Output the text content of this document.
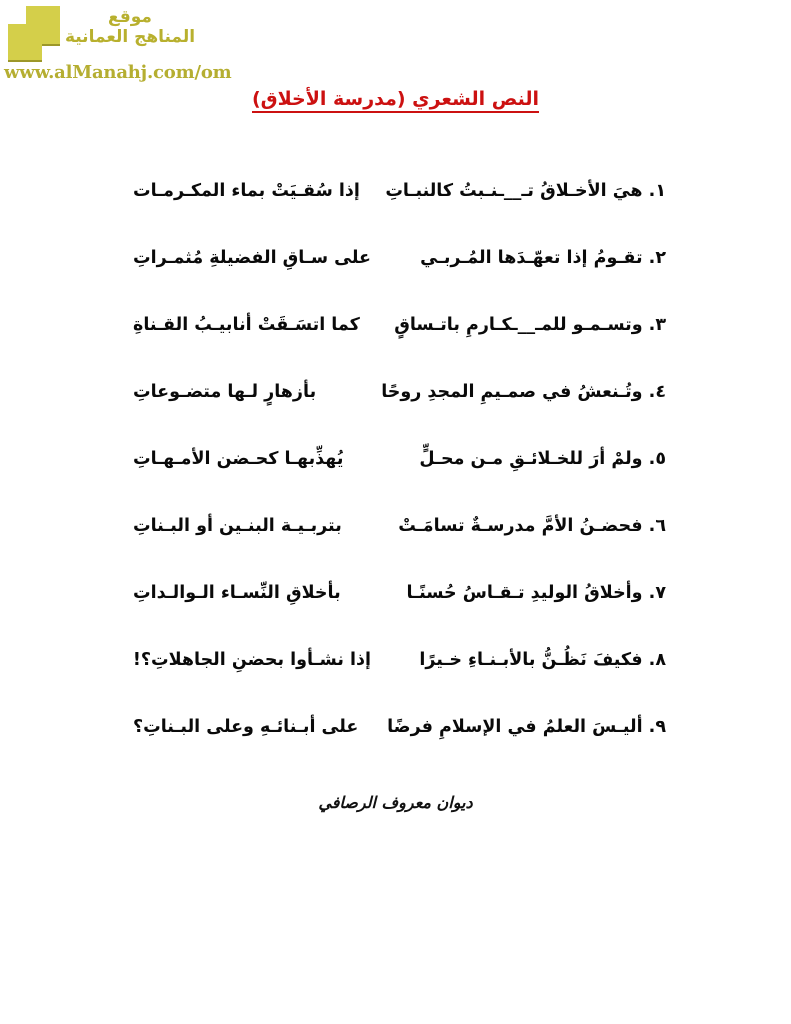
موقع
المناهج العمانية
www.alManahj.com/om
النص الشعري (مدرسة الأخلاق)
١. هيَ الأخـلاقُ تـ__ـنـبتُ كالنبـاتِ
إذا سُقـيَتْ بماء المكـرمـات
٢. تقـومُ إذا تعهّـدَها المُـربـي
على سـاقِ الفضيلةِ مُثمـراتِ
٣. وتسـمـو للمـ__ـكـارمِ باتـساقٍ
كما اتسَـقَتْ أنابيـبُ القـناةِ
٤. وتُـنعشُ في صمـيمِ المجدِ روحًا
بأزهارٍ لـها متضـوعاتِ
٥. ولمْ أرَ للخـلائـقِ مـن محـلٍّ
يُهذِّبهـا كحـضن الأمـهـاتِ
٦. فحضـنُ الأمَّ مدرسـةٌ تسامَـتْ
بتربـيـة البنـين أو البـناتِ
٧. وأخلاقُ الوليدِ تـقـاسُ حُسنًـا
بأخلاقِ النِّسـاء الـوالـداتِ
٨. فكيفَ نَظُـنُّ بالأبـنـاءِ خـيرًا
إذا نشـأوا بحضنِ الجاهلاتِ؟!
٩. أليـسَ العلمُ في الإسلامِ فرضًا
على أبـنائـهِ وعلى البـناتِ؟
ديوان معروف الرصافي
